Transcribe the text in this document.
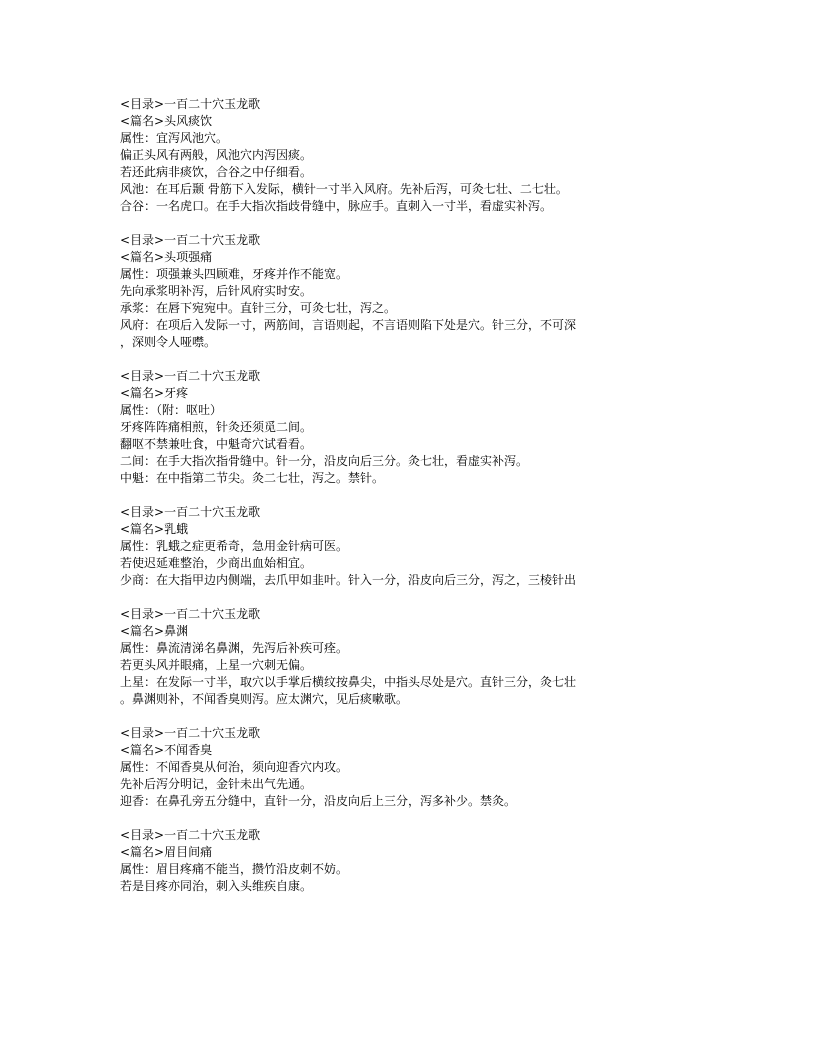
<目录>一百二十穴玉龙歌
<篇名>头风痰饮
属性：宜泻风池穴。
偏正头风有两般，风池穴内泻因痰。
若还此病非痰饮，合谷之中仔细看。
风池：在耳后颞 骨筋下入发际，横针一寸半入风府。先补后泻，可灸七壮、二七壮。
合谷：一名虎口。在手大指次指歧骨缝中，脉应手。直刺入一寸半，看虚实补泻。
<目录>一百二十穴玉龙歌
<篇名>头项强痛
属性：项强兼头四顾难，牙疼并作不能宽。
先向承浆明补泻，后针风府实时安。
承浆：在唇下宛宛中。直针三分，可灸七壮，泻之。
风府：在项后入发际一寸，两筋间，言语则起，不言语则陷下处是穴。针三分，不可深
，深则令人哑噤。
<目录>一百二十穴玉龙歌
<篇名>牙疼
属性：（附：呕吐）
牙疼阵阵痛相煎，针灸还须觅二间。
翻呕不禁兼吐食，中魁奇穴试看看。
二间：在手大指次指骨缝中。针一分，沿皮向后三分。灸七壮，看虚实补泻。
中魁：在中指第二节尖。灸二七壮，泻之。禁针。
<目录>一百二十穴玉龙歌
<篇名>乳蛾
属性：乳蛾之症更希奇，急用金针病可医。
若使迟延难整治，少商出血始相宜。
少商：在大指甲边内侧端，去爪甲如韭叶。针入一分，沿皮向后三分，泻之，三棱针出
<目录>一百二十穴玉龙歌
<篇名>鼻渊
属性：鼻流清涕名鼻渊，先泻后补疾可痊。
若更头风并眼痛，上星一穴刺无偏。
上星：在发际一寸半，取穴以手掌后横纹按鼻尖，中指头尽处是穴。直针三分，灸七壮
。鼻渊则补，不闻香臭则泻。应太渊穴，见后痰嗽歌。
<目录>一百二十穴玉龙歌
<篇名>不闻香臭
属性：不闻香臭从何治，须向迎香穴内攻。
先补后泻分明记，金针未出气先通。
迎香：在鼻孔旁五分缝中，直针一分，沿皮向后上三分，泻多补少。禁灸。
<目录>一百二十穴玉龙歌
<篇名>眉目间痛
属性：眉目疼痛不能当，攒竹沿皮刺不妨。
若是目疼亦同治，刺入头维疾自康。
